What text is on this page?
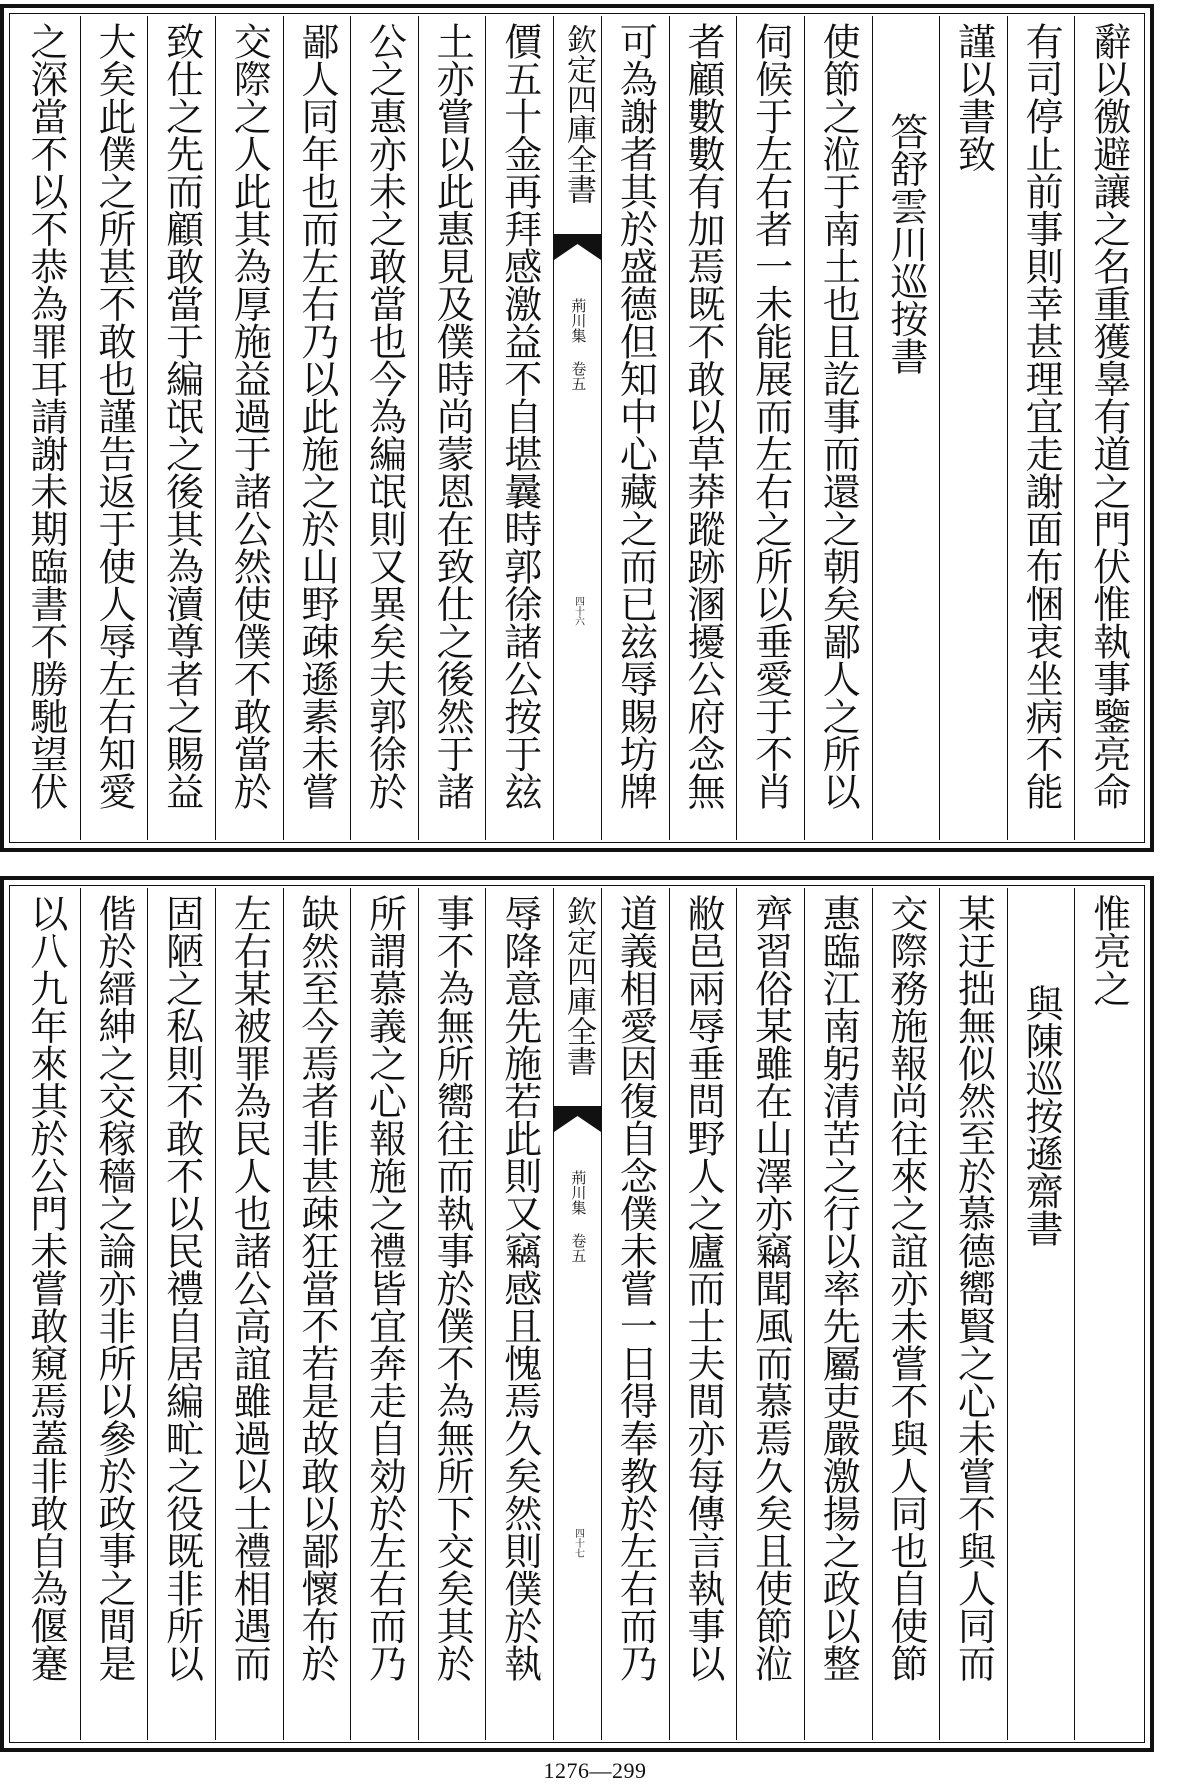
辭以徼避讓之名重獲辠有道之門伏惟執事鑒亮命
有司停止前事則幸甚理宜走謝面布悃衷坐病不能
謹以書致
答舒雲川巡按書
使節之涖于南土也且訖事而還之朝矣鄙人之所以
伺候于左右者一未能展而左右之所以垂愛于不肖
者顧數數有加焉既不敢以草莽蹤跡溷擾公府念無
可為謝者其於盛德但知中心藏之而已玆辱賜坊牌
欽定四庫全書
荊川集 卷五
四十六
價五十金再拜感激益不自堪曩時郭徐諸公按于玆
土亦嘗以此惠見及僕時尚蒙恩在致仕之後然于諸
公之惠亦未之敢當也今為編氓則又異矣夫郭徐於
鄙人同年也而左右乃以此施之於山野疎遜素未嘗
交際之人此其為厚施益過于諸公然使僕不敢當於
致仕之先而顧敢當于編氓之後其為瀆尊者之賜益
大矣此僕之所甚不敢也謹告返于使人辱左右知愛
之深當不以不恭為罪耳請謝未期臨書不勝馳望伏
惟亮之
與陳巡按遜齋書
某迂拙無似然至於慕德嚮賢之心未嘗不與人同而
交際務施報尚往來之誼亦未嘗不與人同也自使節
惠臨江南躬清苦之行以率先屬吏嚴激揚之政以整
齊習俗某雖在山澤亦竊聞風而慕焉久矣且使節涖
敝邑兩辱垂問野人之廬而士夫間亦每傳言執事以
道義相愛因復自念僕未嘗一日得奉教於左右而乃
欽定四庫全書
荊川集 卷五
四十七
辱降意先施若此則又竊感且愧焉久矣然則僕於執
事不為無所嚮往而執事於僕不為無所下交矣其於
所謂慕義之心報施之禮皆宜奔走自効於左右而乃
缺然至今焉者非甚疎狂當不若是故敢以鄙懷布於
左右某被罪為民人也諸公高誼雖過以士禮相遇而
固陋之私則不敢不以民禮自居編甿之役既非所以
偕於縉紳之交稼穡之論亦非所以參於政事之間是
以八九年來其於公門未嘗敢窺焉蓋非敢自為偃蹇
1276—299
